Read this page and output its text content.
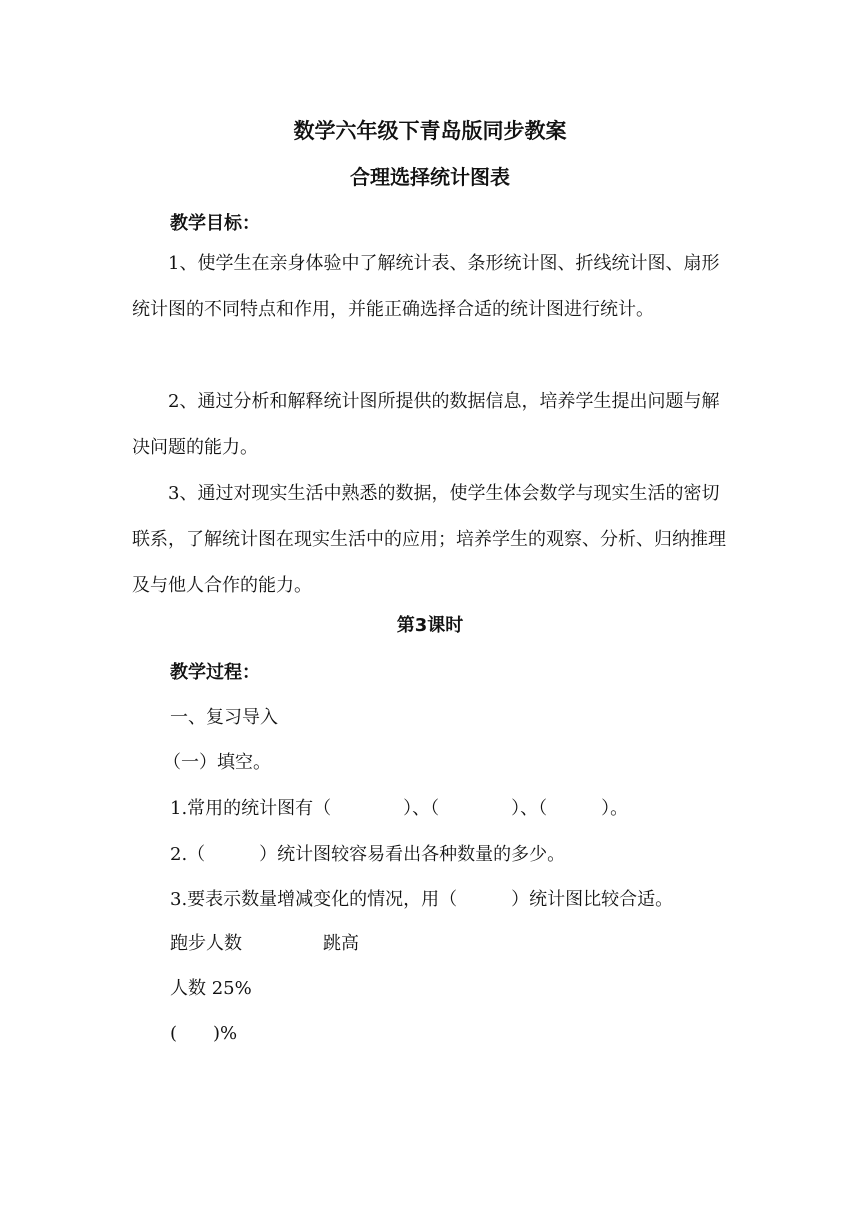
数学六年级下青岛版同步教案
合理选择统计图表
教学目标：
1、使学生在亲身体验中了解统计表、条形统计图、折线统计图、扇形统计图的不同特点和作用，并能正确选择合适的统计图进行统计。
2、通过分析和解释统计图所提供的数据信息，培养学生提出问题与解决问题的能力。
3、通过对现实生活中熟悉的数据，使学生体会数学与现实生活的密切联系，了解统计图在现实生活中的应用；培养学生的观察、分析、归纳推理及与他人合作的能力。
第3课时
教学过程：
一、复习导入
（一）填空。
1.常用的统计图有（　　　　）、（　　　　）、（　　　）。
2.（　　　）统计图较容易看出各种数量的多少。
3.要表示数量增减变化的情况，用（　　　）统计图比较合适。
跑步人数	跳高
人数 25%
(　　)%
